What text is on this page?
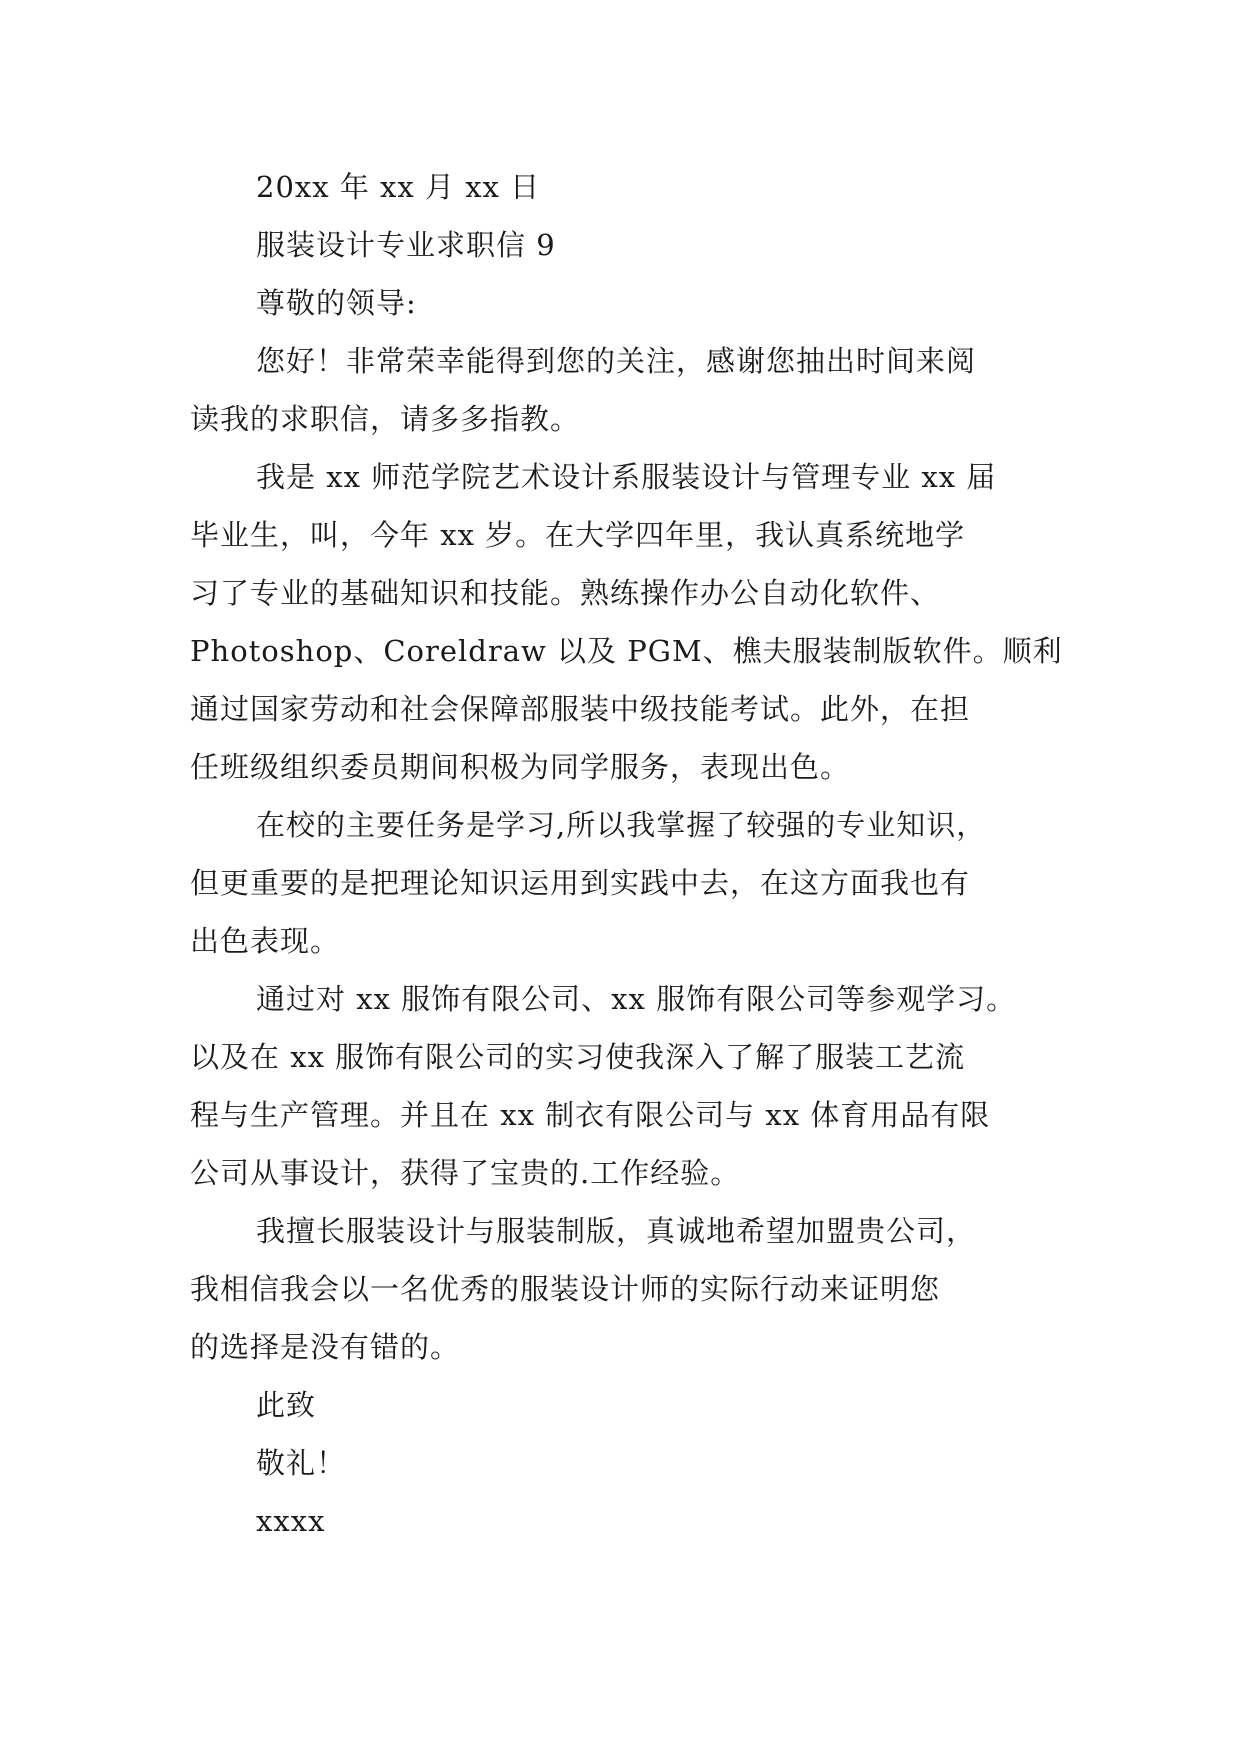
20xx 年 xx 月 xx 日

服装设计专业求职信 9

尊敬的领导:

您好！非常荣幸能得到您的关注，感谢您抽出时间来阅

读我的求职信，请多多指教。

我是 xx 师范学院艺术设计系服装设计与管理专业 xx 届

毕业生，叫，今年 xx 岁。在大学四年里，我认真系统地学

习了专业的基础知识和技能。熟练操作办公自动化软件、

Photoshop、Coreldraw 以及 PGM、樵夫服装制版软件。顺利

通过国家劳动和社会保障部服装中级技能考试。此外，在担

任班级组织委员期间积极为同学服务，表现出色。

在校的主要任务是学习,所以我掌握了较强的专业知识，

但更重要的是把理论知识运用到实践中去，在这方面我也有

出色表现。

通过对 xx 服饰有限公司、xx 服饰有限公司等参观学习。

以及在 xx 服饰有限公司的实习使我深入了解了服装工艺流

程与生产管理。并且在 xx 制衣有限公司与 xx 体育用品有限

公司从事设计，获得了宝贵的.工作经验。

我擅长服装设计与服装制版，真诚地希望加盟贵公司，

我相信我会以一名优秀的服装设计师的实际行动来证明您

的选择是没有错的。

此致

敬礼！

xxxx
